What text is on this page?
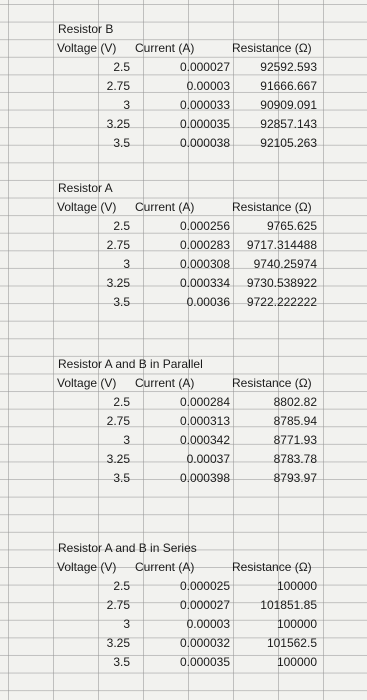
Resistor B
Voltage (V) Current (A)	Resistance (Ω)
2.5	0.000027	92592.593
2.75	0.00003	91666.667
3	0.000033	90909.091
3.25	0.000035	92857.143
3.5	0.000038	92105.263
Resistor A
Voltage (V) Current (A)	Resistance (Ω)
2.5	0.000256	9765.625
2.75	0.000283	9717.314488
3	0.000308	9740.25974
3.25	0.000334	9730.538922
3.5	0.00036	9722.222222
Resistor A and B in Parallel
Voltage (V) Current (A)	Resistance (Ω)
2.5	0.000284	8802.82
2.75	0.000313	8785.94
3	0.000342	8771.93
3.25	0.00037	8783.78
3.5	0.000398	8793.97
Resistor A and B in Series
Voltage (V) Current (A)	Resistance (Ω)
2.5	0.000025	100000
2.75	0.000027	101851.85
3	0.00003	100000
3.25	0.000032	101562.5
3.5	0.000035	100000
